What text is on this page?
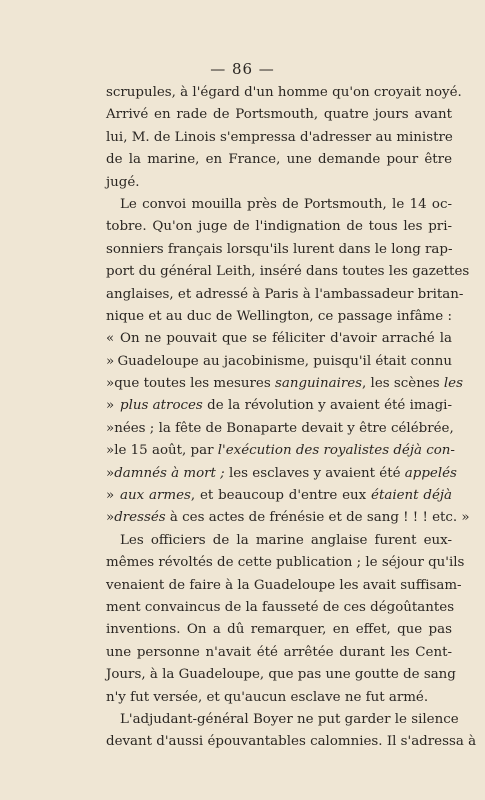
— 86 —
scrupules, à l'égard d'un homme qu'on croyait noyé.
Arrivé en rade de Portsmouth, quatre jours avant
lui, M. de Linois s'empressa d'adresser au ministre
de la marine, en France, une demande pour être
jugé.
Le convoi mouilla près de Portsmouth, le 14 oc-
tobre. Qu'on juge de l'indignation de tous les pri-
sonniers français lorsqu'ils lurent dans le long rap-
port du général Leith, inséré dans toutes les gazettes
anglaises, et adressé à Paris à l'ambassadeur britan-
nique et au duc de Wellington, ce passage infâme :
« On ne pouvait que se féliciter d'avoir arraché la
» Guadeloupe au jacobinisme, puisqu'il était connu
» que toutes les mesures sanguinaires, les scènes les
» plus atroces de la révolution y avaient été imagi-
» nées ; la fête de Bonaparte devait y être célébrée,
» le 15 août, par l'exécution des royalistes déjà con-
» damnés à mort ; les esclaves y avaient été appelés
» aux armes, et beaucoup d'entre eux étaient déjà
» dressés à ces actes de frénésie et de sang ! ! ! etc. »
Les officiers de la marine anglaise furent eux-
mêmes révoltés de cette publication ; le séjour qu'ils
venaient de faire à la Guadeloupe les avait suffisam-
ment convaincus de la fausseté de ces dégoûtantes
inventions. On a dû remarquer, en effet, que pas
une personne n'avait été arrêtée durant les Cent-
Jours, à la Guadeloupe, que pas une goutte de sang
n'y fut versée, et qu'aucun esclave ne fut armé.
L'adjudant-général Boyer ne put garder le silence
devant d'aussi épouvantables calomnies. Il s'adressa à
